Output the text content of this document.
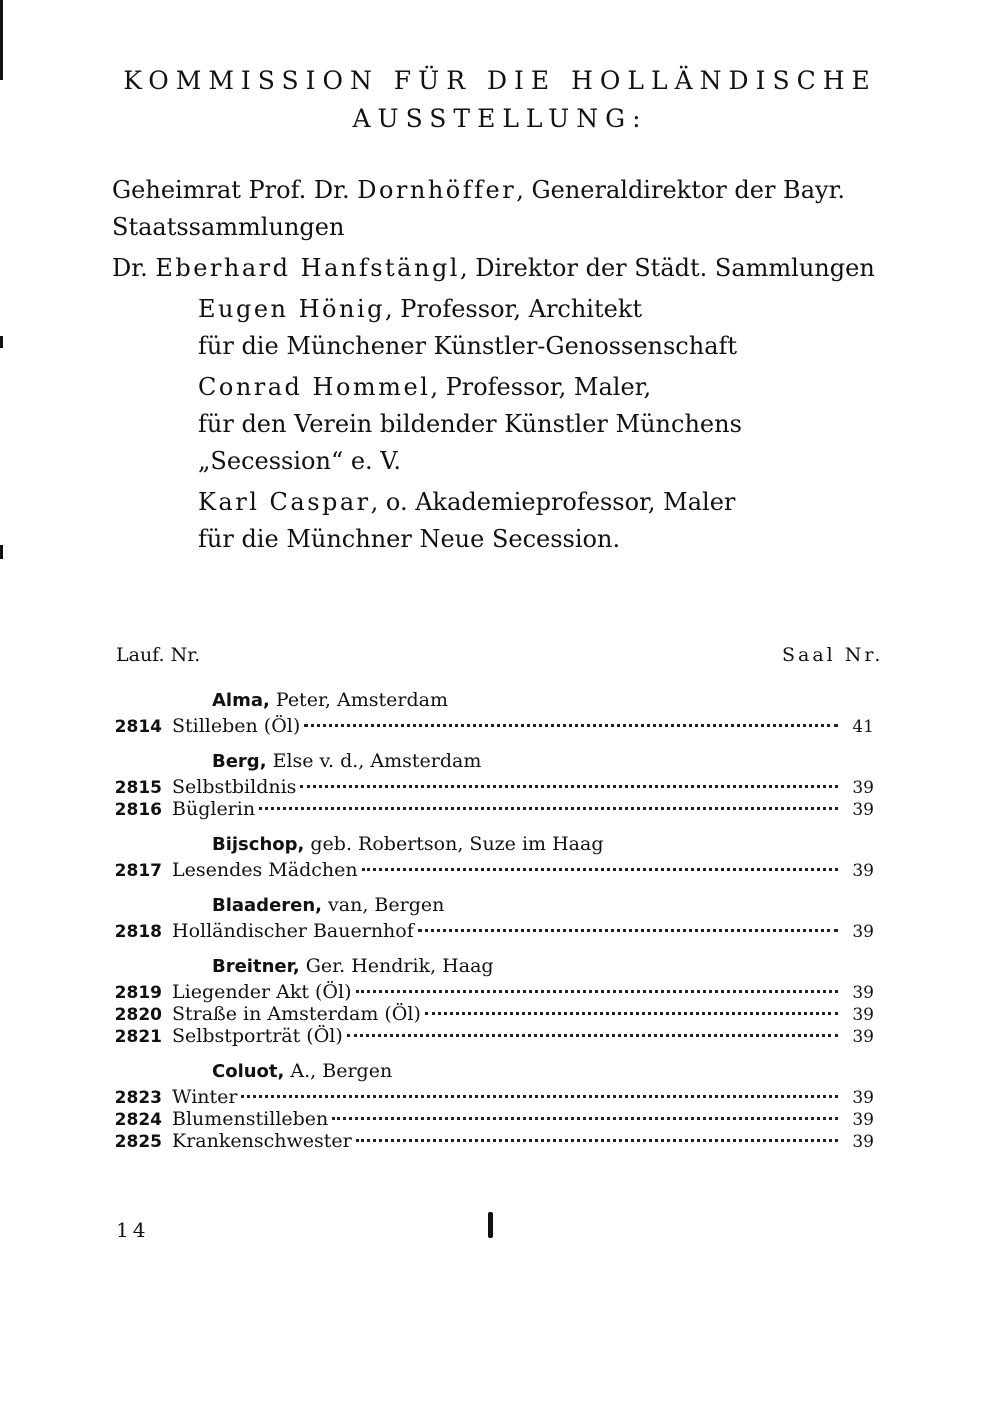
KOMMISSION FÜR DIE HOLLÄNDISCHE
AUSSTELLUNG:
Geheimrat Prof. Dr. Dornhöffer, Generaldirektor der Bayr. Staatssammlungen
Dr. Eberhard Hanfstängl, Direktor der Städt. Sammlungen
Eugen Hönig, Professor, Architekt
für die Münchener Künstler-Genossenschaft
Conrad Hommel, Professor, Maler,
für den Verein bildender Künstler Münchens „Secession“ e. V.
Karl Caspar, o. Akademieprofessor, Maler
für die Münchner Neue Secession.
Lauf. Nr.	Saal Nr.
Alma, Peter, Amsterdam
2814 Stilleben (Öl)	41
Berg, Else v. d., Amsterdam
2815 Selbstbildnis	39
2816 Büglerin	39
Bijschop, geb. Robertson, Suze im Haag
2817 Lesendes Mädchen	39
Blaaderen, van, Bergen
2818 Holländischer Bauernhof	39
Breitner, Ger. Hendrik, Haag
2819 Liegender Akt (Öl)	39
2820 Straße in Amsterdam (Öl)	39
2821 Selbstporträt (Öl)	39
Coluot, A., Bergen
2823 Winter	39
2824 Blumenstilleben	39
2825 Krankenschwester	39
14
